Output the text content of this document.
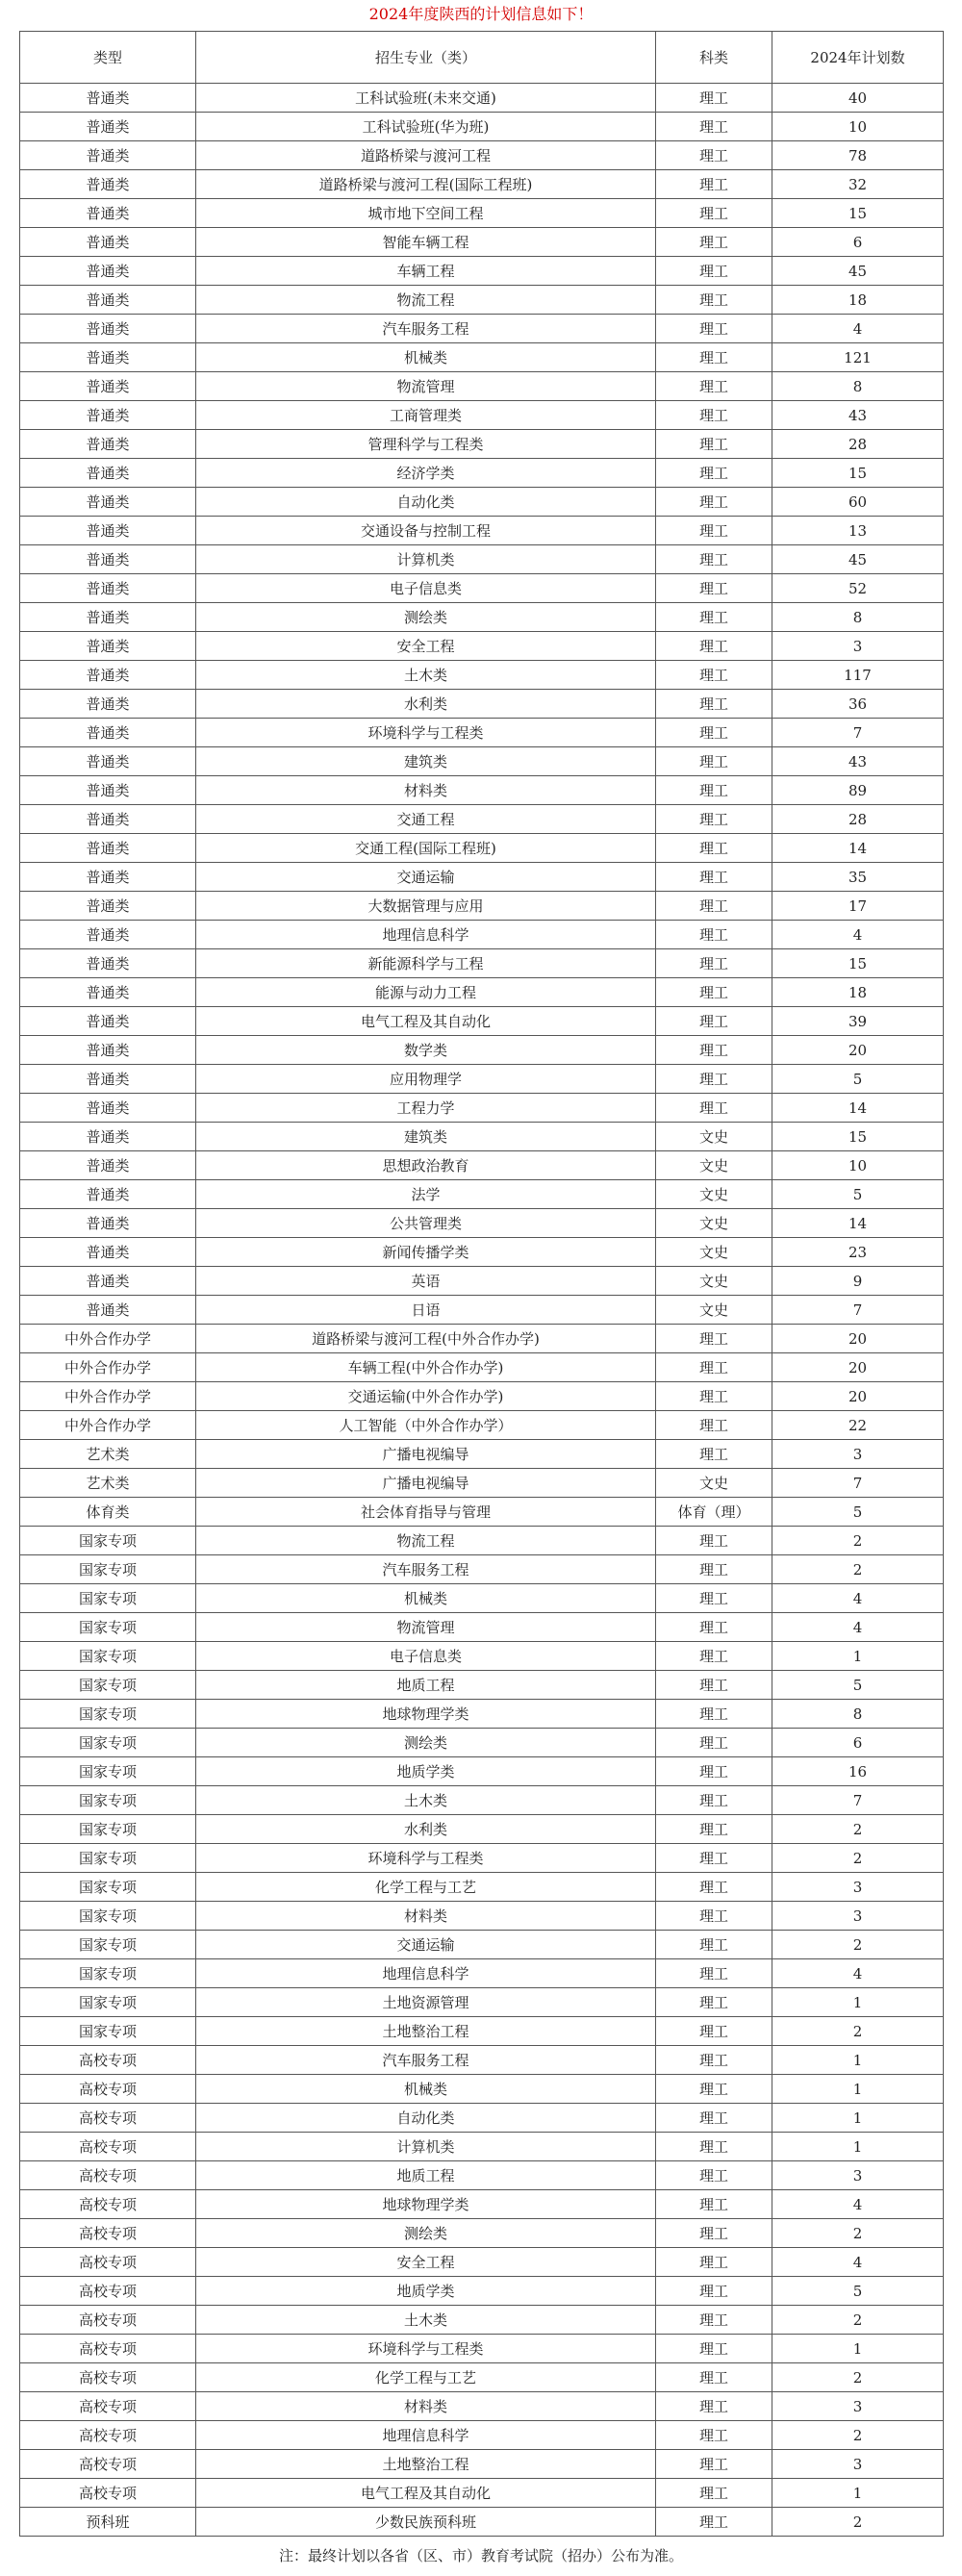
2024年度陕西的计划信息如下！
类型	招生专业（类）	科类	2024年计划数
普通类	工科试验班(未来交通)	理工	40
普通类	工科试验班(华为班)	理工	10
普通类	道路桥梁与渡河工程	理工	78
普通类	道路桥梁与渡河工程(国际工程班)	理工	32
普通类	城市地下空间工程	理工	15
普通类	智能车辆工程	理工	6
普通类	车辆工程	理工	45
普通类	物流工程	理工	18
普通类	汽车服务工程	理工	4
普通类	机械类	理工	121
普通类	物流管理	理工	8
普通类	工商管理类	理工	43
普通类	管理科学与工程类	理工	28
普通类	经济学类	理工	15
普通类	自动化类	理工	60
普通类	交通设备与控制工程	理工	13
普通类	计算机类	理工	45
普通类	电子信息类	理工	52
普通类	测绘类	理工	8
普通类	安全工程	理工	3
普通类	土木类	理工	117
普通类	水利类	理工	36
普通类	环境科学与工程类	理工	7
普通类	建筑类	理工	43
普通类	材料类	理工	89
普通类	交通工程	理工	28
普通类	交通工程(国际工程班)	理工	14
普通类	交通运输	理工	35
普通类	大数据管理与应用	理工	17
普通类	地理信息科学	理工	4
普通类	新能源科学与工程	理工	15
普通类	能源与动力工程	理工	18
普通类	电气工程及其自动化	理工	39
普通类	数学类	理工	20
普通类	应用物理学	理工	5
普通类	工程力学	理工	14
普通类	建筑类	文史	15
普通类	思想政治教育	文史	10
普通类	法学	文史	5
普通类	公共管理类	文史	14
普通类	新闻传播学类	文史	23
普通类	英语	文史	9
普通类	日语	文史	7
中外合作办学	道路桥梁与渡河工程(中外合作办学)	理工	20
中外合作办学	车辆工程(中外合作办学)	理工	20
中外合作办学	交通运输(中外合作办学)	理工	20
中外合作办学	人工智能（中外合作办学）	理工	22
艺术类	广播电视编导	理工	3
艺术类	广播电视编导	文史	7
体育类	社会体育指导与管理	体育（理）	5
国家专项	物流工程	理工	2
国家专项	汽车服务工程	理工	2
国家专项	机械类	理工	4
国家专项	物流管理	理工	4
国家专项	电子信息类	理工	1
国家专项	地质工程	理工	5
国家专项	地球物理学类	理工	8
国家专项	测绘类	理工	6
国家专项	地质学类	理工	16
国家专项	土木类	理工	7
国家专项	水利类	理工	2
国家专项	环境科学与工程类	理工	2
国家专项	化学工程与工艺	理工	3
国家专项	材料类	理工	3
国家专项	交通运输	理工	2
国家专项	地理信息科学	理工	4
国家专项	土地资源管理	理工	1
国家专项	土地整治工程	理工	2
高校专项	汽车服务工程	理工	1
高校专项	机械类	理工	1
高校专项	自动化类	理工	1
高校专项	计算机类	理工	1
高校专项	地质工程	理工	3
高校专项	地球物理学类	理工	4
高校专项	测绘类	理工	2
高校专项	安全工程	理工	4
高校专项	地质学类	理工	5
高校专项	土木类	理工	2
高校专项	环境科学与工程类	理工	1
高校专项	化学工程与工艺	理工	2
高校专项	材料类	理工	3
高校专项	地理信息科学	理工	2
高校专项	土地整治工程	理工	3
高校专项	电气工程及其自动化	理工	1
预科班	少数民族预科班	理工	2
注：最终计划以各省（区、市）教育考试院（招办）公布为准。
